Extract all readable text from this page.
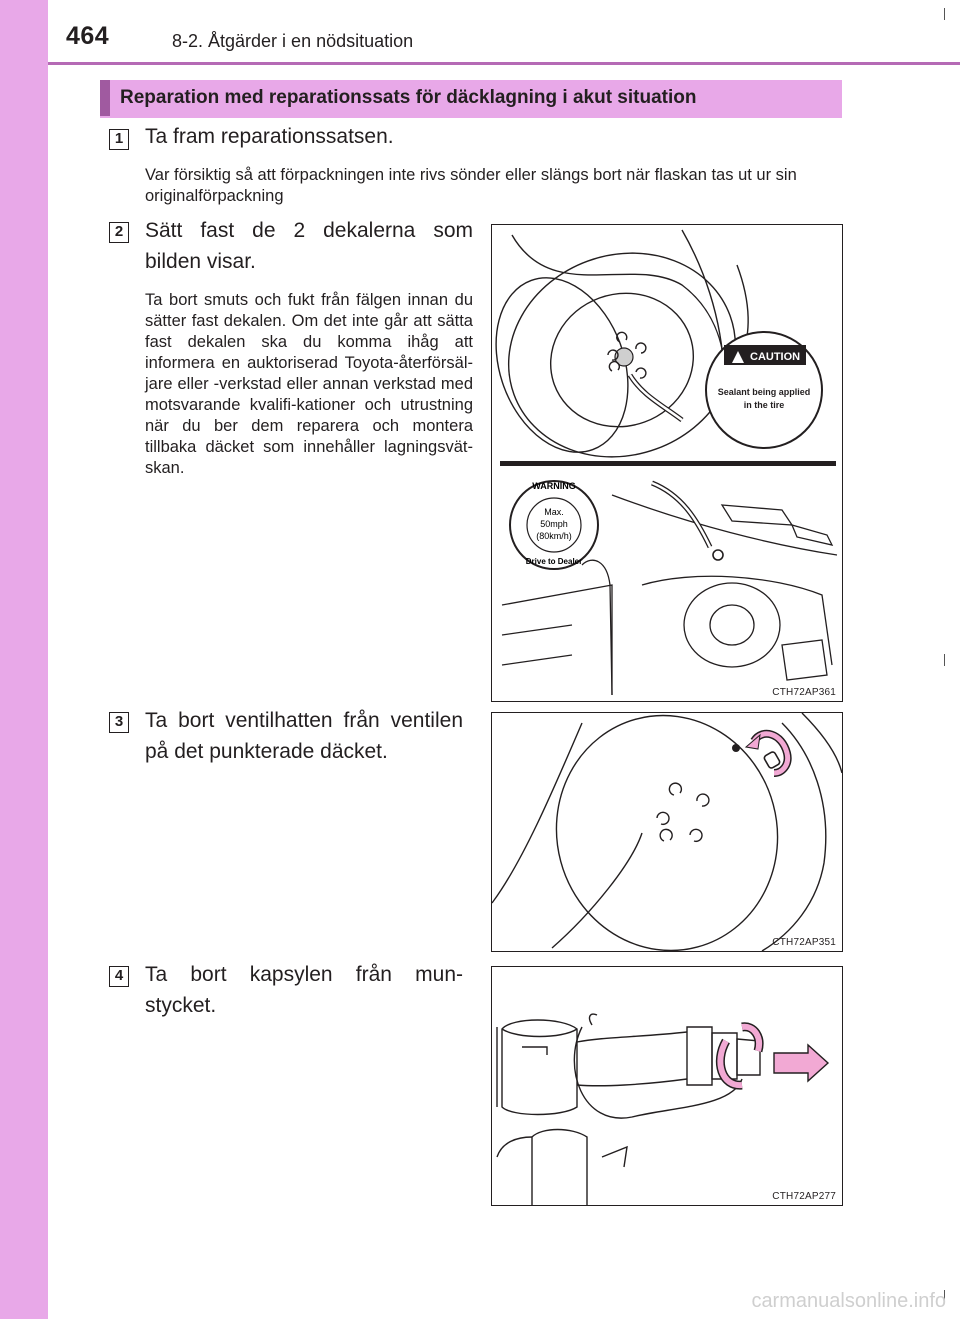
464	8-2. Åtgärder i en nödsituation
Reparation med reparationssats för däcklagning i akut situation
1 Ta fram reparationssatsen.
Var försiktig så att förpackningen inte rivs sönder eller slängs bort när flaskan tas ut ur sin originalförpackning
2 Sätt fast de 2 dekalerna som bilden visar.
Ta bort smuts och fukt från fälgen innan du sätter fast dekalen. Om det inte går att sätta fast dekalen ska du komma ihåg att informera en auktoriserad Toyota-återförsäl-jare eller -verkstad eller annan verkstad med motsvarande kvalifi-kationer och utrustning när du ber dem reparera och montera tillbaka däcket som innehåller lagningsvät-skan.
3 Ta bort ventilhatten från ventilen på det punkterade däcket.
4 Ta bort kapsylen från mun-stycket.
CAUTION
Sealant being applied
in the tire
WARNING
Max.
50mph
(80km/h)
Drive to Dealer
CTH72AP361
CTH72AP351
CTH72AP277
carmanualsonline.info
